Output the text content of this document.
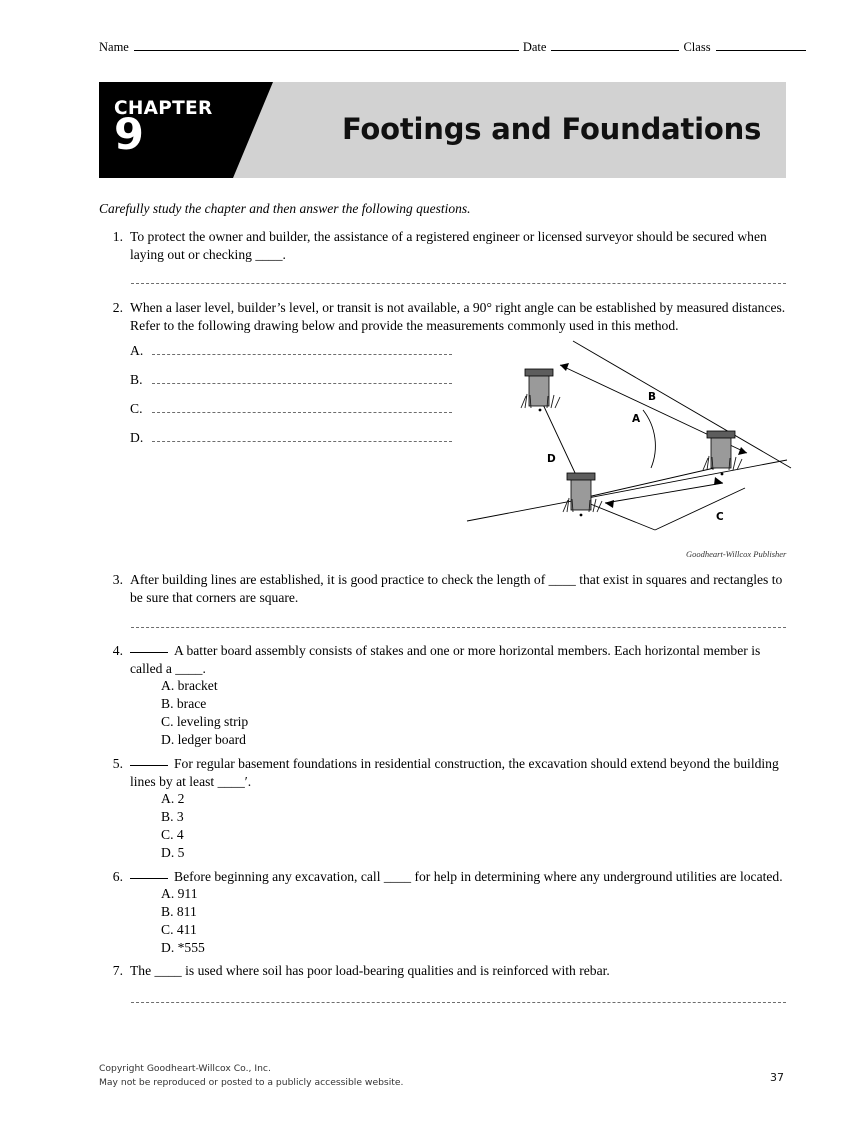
Name	Date	Class
CHAPTER
9	Footings and Foundations
Carefully study the chapter and then answer the following questions.
1. To protect the owner and builder, the assistance of a registered engineer or licensed surveyor should be secured when laying out or checking ____.
2. When a laser level, builder’s level, or transit is not available, a 90° right angle can be established by measured distances. Refer to the following drawing below and provide the measurements commonly used in this method.
A.
B.
C.
D.
B
A
C
D
Goodheart-Willcox Publisher
3. After building lines are established, it is good practice to check the length of ____ that exist in squares and rectangles to be sure that corners are square.
4.	A batter board assembly consists of stakes and one or more horizontal members. Each horizontal member is called a ____.
A. bracket
B. brace
C. leveling strip
D. ledger board
5.	For regular basement foundations in residential construction, the excavation should extend beyond the building lines by at least ____′.
A. 2
B. 3
C. 4
D. 5
6.	Before beginning any excavation, call ____ for help in determining where any underground utilities are located.
A. 911
B. 811
C. 411
D. *555
7. The ____ is used where soil has poor load-bearing qualities and is reinforced with rebar.
Copyright Goodheart-Willcox Co., Inc.
May not be reproduced or posted to a publicly accessible website.	37
